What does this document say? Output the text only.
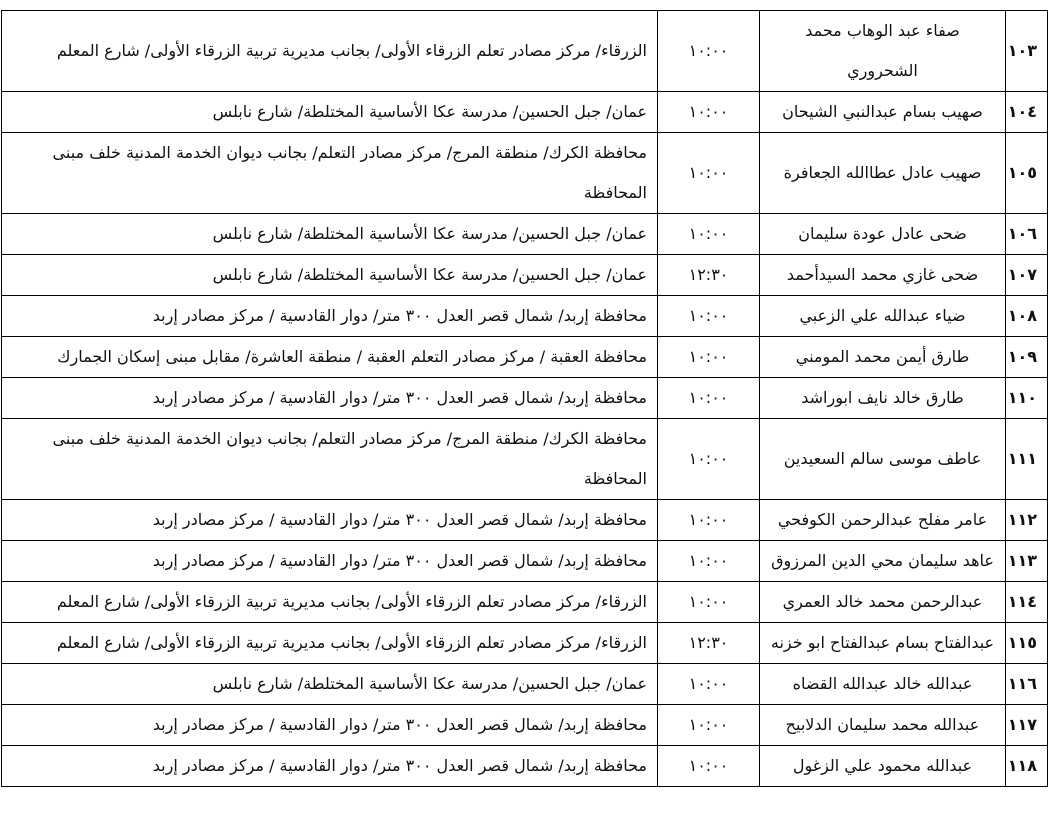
١٠٣	صفاء عبد الوهاب محمد الشحروري	١٠:٠٠	الزرقاء/ مركز مصادر تعلم الزرقاء الأولى/ بجانب مديرية تربية الزرقاء الأولى/ شارع المعلم
١٠٤	صهيب بسام عبدالنبي الشيحان	١٠:٠٠	عمان/ جبل الحسين/ مدرسة عكا الأساسية المختلطة/ شارع نابلس
١٠٥	صهيب عادل عطاالله الجعافرة	١٠:٠٠	محافظة الكرك/ منطقة المرج/ مركز مصادر التعلم/ بجانب ديوان الخدمة المدنية خلف مبنى المحافظة
١٠٦	ضحى عادل عودة سليمان	١٠:٠٠	عمان/ جبل الحسين/ مدرسة عكا الأساسية المختلطة/ شارع نابلس
١٠٧	ضحى غازي محمد السيدأحمد	١٢:٣٠	عمان/ جبل الحسين/ مدرسة عكا الأساسية المختلطة/ شارع نابلس
١٠٨	ضياء عبدالله علي الزعبي	١٠:٠٠	محافظة إربد/ شمال قصر العدل ٣٠٠ متر/ دوار القادسية / مركز مصادر إربد
١٠٩	طارق أيمن محمد المومني	١٠:٠٠	محافظة العقبة / مركز مصادر التعلم العقبة / منطقة العاشرة/ مقابل مبنى إسكان الجمارك
١١٠	طارق خالد نايف ابوراشد	١٠:٠٠	محافظة إربد/ شمال قصر العدل ٣٠٠ متر/ دوار القادسية / مركز مصادر إربد
١١١	عاطف موسى سالم السعيدين	١٠:٠٠	محافظة الكرك/ منطقة المرج/ مركز مصادر التعلم/ بجانب ديوان الخدمة المدنية خلف مبنى المحافظة
١١٢	عامر مفلح عبدالرحمن الكوفحي	١٠:٠٠	محافظة إربد/ شمال قصر العدل ٣٠٠ متر/ دوار القادسية / مركز مصادر إربد
١١٣	عاهد سليمان محي الدين المرزوق	١٠:٠٠	محافظة إربد/ شمال قصر العدل ٣٠٠ متر/ دوار القادسية / مركز مصادر إربد
١١٤	عبدالرحمن محمد خالد العمري	١٠:٠٠	الزرقاء/ مركز مصادر تعلم الزرقاء الأولى/ بجانب مديرية تربية الزرقاء الأولى/ شارع المعلم
١١٥	عبدالفتاح بسام عبدالفتاح ابو خزنه	١٢:٣٠	الزرقاء/ مركز مصادر تعلم الزرقاء الأولى/ بجانب مديرية تربية الزرقاء الأولى/ شارع المعلم
١١٦	عبدالله خالد عبدالله القضاه	١٠:٠٠	عمان/ جبل الحسين/ مدرسة عكا الأساسية المختلطة/ شارع نابلس
١١٧	عبدالله محمد سليمان الدلابيح	١٠:٠٠	محافظة إربد/ شمال قصر العدل ٣٠٠ متر/ دوار القادسية / مركز مصادر إربد
١١٨	عبدالله محمود علي الزغول	١٠:٠٠	محافظة إربد/ شمال قصر العدل ٣٠٠ متر/ دوار القادسية / مركز مصادر إربد
